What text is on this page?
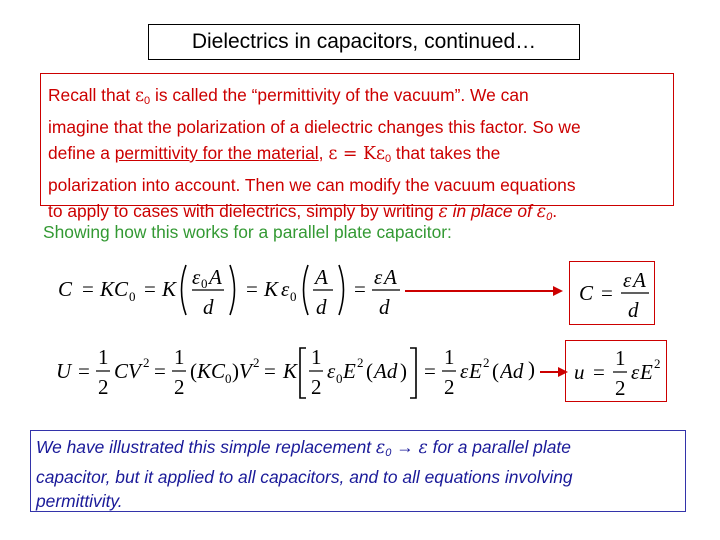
Dielectrics in capacitors, continued…
Recall that $\varepsilon_0$ is called the “permittivity of the vacuum”. We can
imagine that the polarization of a dielectric changes this factor. So we
define a permittivity for the material, $\varepsilon = K\varepsilon_0$ that takes the
polarization into account. Then we can modify the vacuum equations
to apply to cases with dielectrics, simply by writing ε in place of $\varepsilon_0$.
Showing how this works for a parallel plate capacitor:
C = KC 0 = K ε 0 A
d
= K ε 0
A
d
= ε A
d
C =
ε A
d
U =
1
2
CV 2 =
1
2
( KC 0 ) V 2 = K
1
2
ε 0 E 2 ( Ad ) =
1
2
ε E 2 ( Ad ) u =
1
2
ε E 2
We have illustrated this simple replacement $\varepsilon_0 \to \varepsilon$ for a parallel plate
capacitor, but it applied to all capacitors, and to all equations involving
permittivity.
